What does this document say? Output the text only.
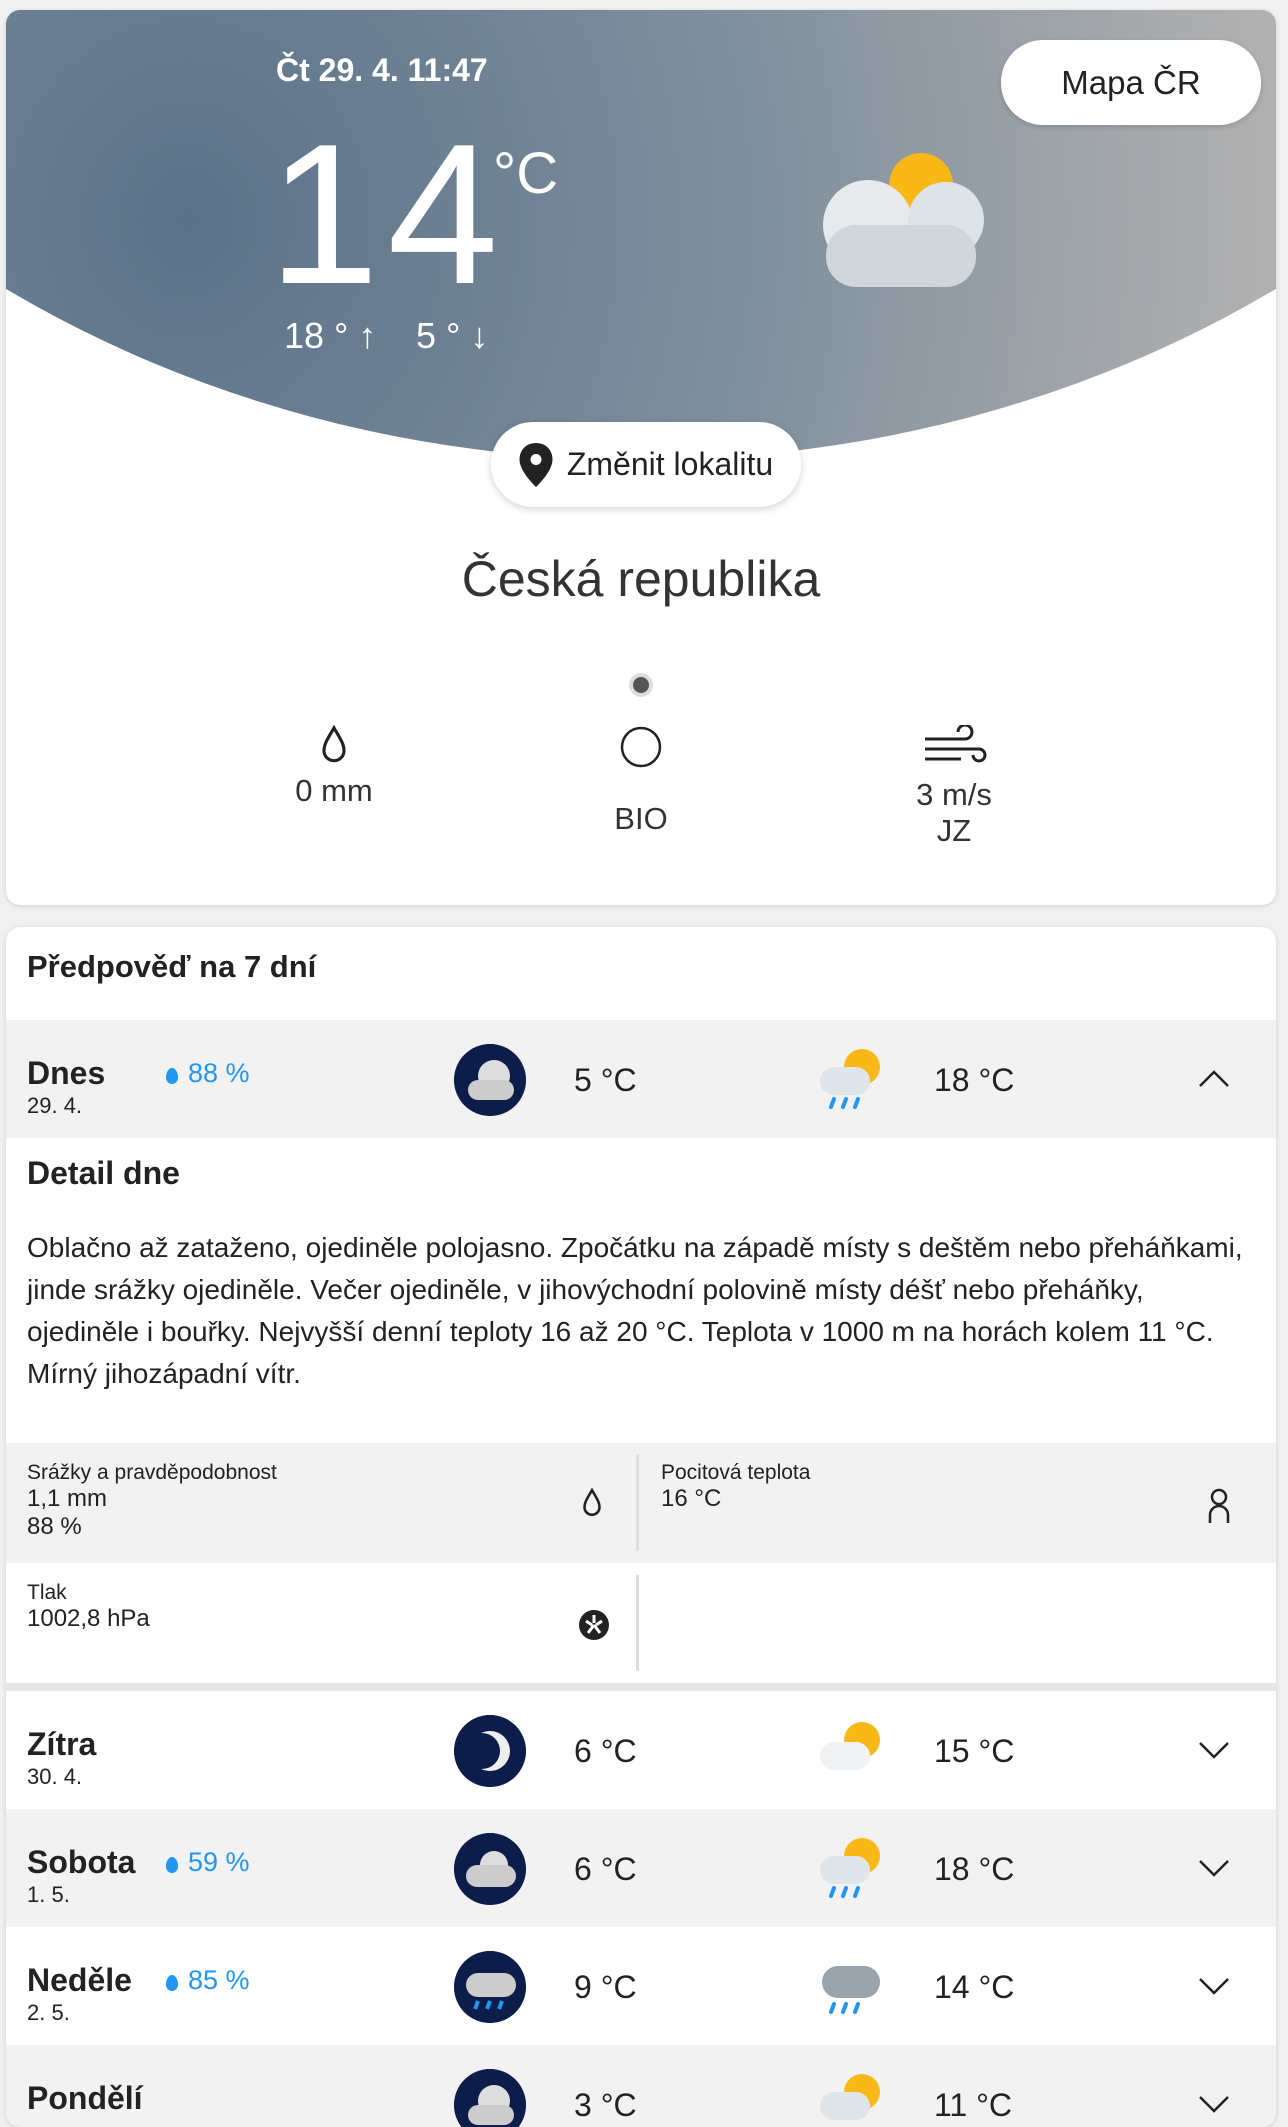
Čt 29. 4. 11:47
14
°C
18 ° ↑ 5 ° ↓
Mapa ČR
Změnit lokalitu
Česká republika
0 mm
BIO
3 m/s
JZ
Předpověď na 7 dní
Dnes
29. 4.
88 %	5 °C	18 °C
Detail dne
Oblačno až zataženo, ojediněle polojasno. Zpočátku na západě místy s deštěm nebo přeháňkami, jinde srážky ojediněle. Večer ojediněle, v jihovýchodní polovině místy déšť nebo přeháňky, ojediněle i bouřky. Nejvyšší denní teploty 16 až 20 °C. Teplota v 1000 m na horách kolem 11 °C. Mírný jihozápadní vítr.
Srážky a pravděpodobnost
1,1 mm
88 %
Pocitová teplota
16 °C
Tlak
1002,8 hPa
Zítra
30. 4.
6 °C	15 °C
Sobota
1. 5.
59 %	6 °C	18 °C
Neděle
2. 5.
85 %	9 °C	14 °C
Pondělí	3 °C	11 °C
